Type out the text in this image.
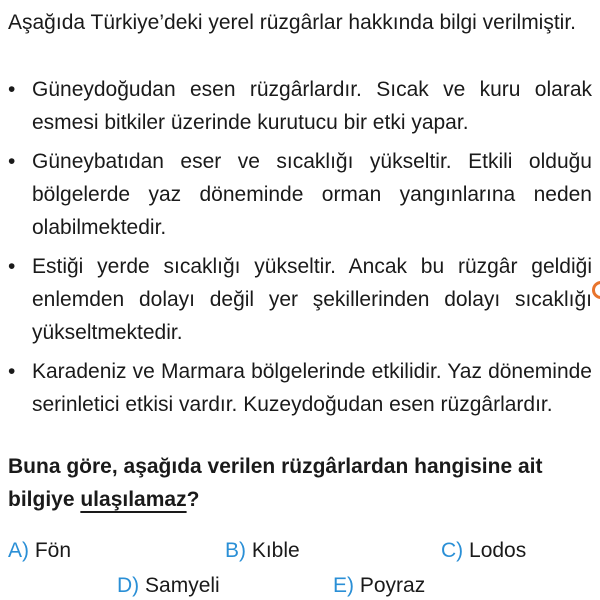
Aşağıda Türkiye’deki yerel rüzgârlar hakkında bilgi verilmiştir.

• Güneydoğudan esen rüzgârlardır. Sıcak ve kuru olarak esmesi bitkiler üzerinde kurutucu bir etki yapar.
• Güneybatıdan eser ve sıcaklığı yükseltir. Etkili olduğu bölgelerde yaz döneminde orman yangınlarına neden olabilmektedir.
• Estiği yerde sıcaklığı yükseltir. Ancak bu rüzgâr geldiği enlemden dolayı değil yer şekillerinden dolayı sıcaklığı yükseltmektedir.
• Karadeniz ve Marmara bölgelerinde etkilidir. Yaz döneminde serinletici etkisi vardır. Kuzeydoğudan esen rüzgârlardır.

Buna göre, aşağıda verilen rüzgârlardan hangisine ait bilgiye ulaşılamaz?

A) Fön	B) Kıble	C) Lodos
D) Samyeli	E) Poyraz
